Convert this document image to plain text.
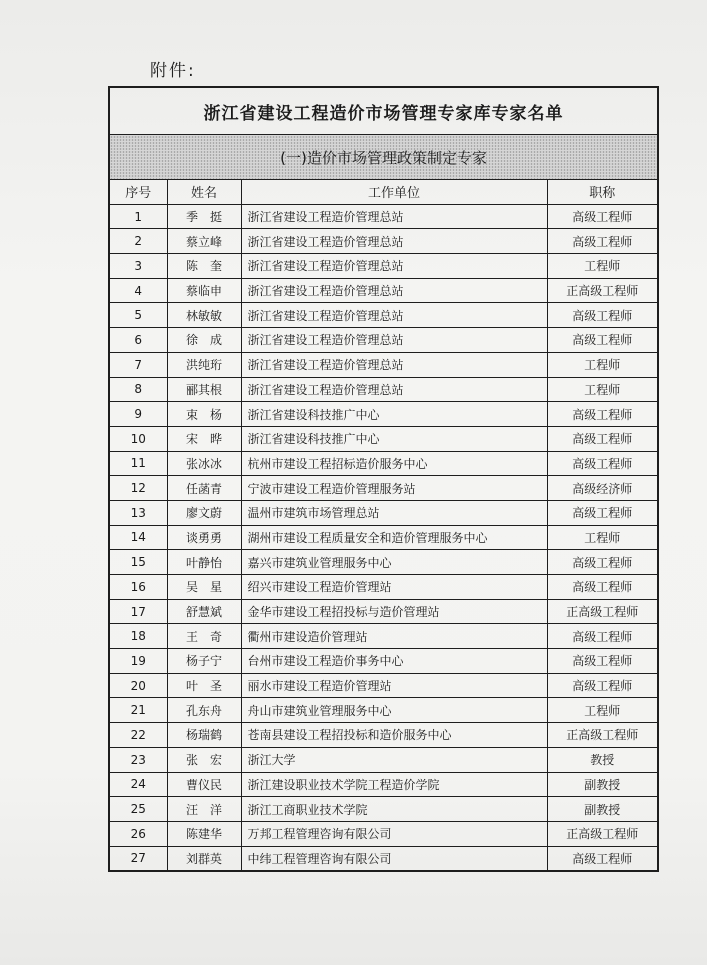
附件:
浙江省建设工程造价市场管理专家库专家名单			
(一)造价市场管理政策制定专家			
序号	姓名	工作单位	职称
1	季　挺	浙江省建设工程造价管理总站	高级工程师
2	蔡立峰	浙江省建设工程造价管理总站	高级工程师
3	陈　奎	浙江省建设工程造价管理总站	工程师
4	蔡临申	浙江省建设工程造价管理总站	正高级工程师
5	林敏敏	浙江省建设工程造价管理总站	高级工程师
6	徐　成	浙江省建设工程造价管理总站	高级工程师
7	洪纯珩	浙江省建设工程造价管理总站	工程师
8	郦其根	浙江省建设工程造价管理总站	工程师
9	束　杨	浙江省建设科技推广中心	高级工程师
10	宋　晔	浙江省建设科技推广中心	高级工程师
11	张冰冰	杭州市建设工程招标造价服务中心	高级工程师
12	任菡青	宁波市建设工程造价管理服务站	高级经济师
13	廖文蔚	温州市建筑市场管理总站	高级工程师
14	谈勇勇	湖州市建设工程质量安全和造价管理服务中心	工程师
15	叶静怡	嘉兴市建筑业管理服务中心	高级工程师
16	吴　星	绍兴市建设工程造价管理站	高级工程师
17	舒慧斌	金华市建设工程招投标与造价管理站	正高级工程师
18	王　奇	衢州市建设造价管理站	高级工程师
19	杨子宁	台州市建设工程造价事务中心	高级工程师
20	叶　圣	丽水市建设工程造价管理站	高级工程师
21	孔东舟	舟山市建筑业管理服务中心	工程师
22	杨瑞鹤	苍南县建设工程招投标和造价服务中心	正高级工程师
23	张　宏	浙江大学	教授
24	曹仪民	浙江建设职业技术学院工程造价学院	副教授
25	汪　洋	浙江工商职业技术学院	副教授
26	陈建华	万邦工程管理咨询有限公司	正高级工程师
27	刘群英	中纬工程管理咨询有限公司	高级工程师
